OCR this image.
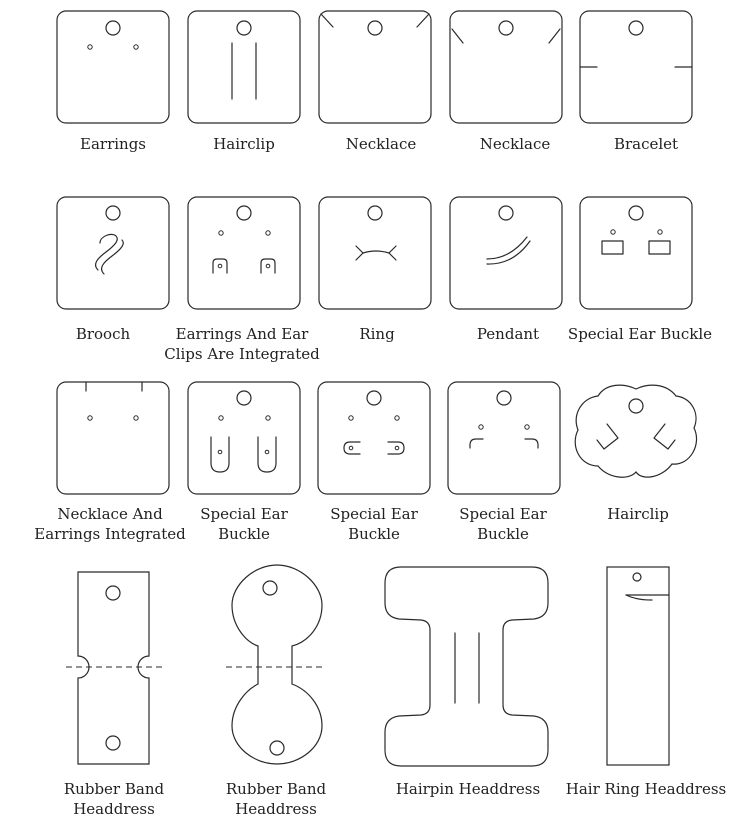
Earrings	Hairclip	Necklace	Necklace	Bracelet
Brooch	Earrings And Ear
Clips Are Integrated
Ring	Pendant Special Ear Buckle
Necklace And
Earrings Integrated
Special Ear
Buckle
Special Ear
Buckle
Special Ear
Buckle
Hairclip
Rubber Band
Headdress
Rubber Band
Headdress
Hairpin Headdress Hair Ring Headdress
